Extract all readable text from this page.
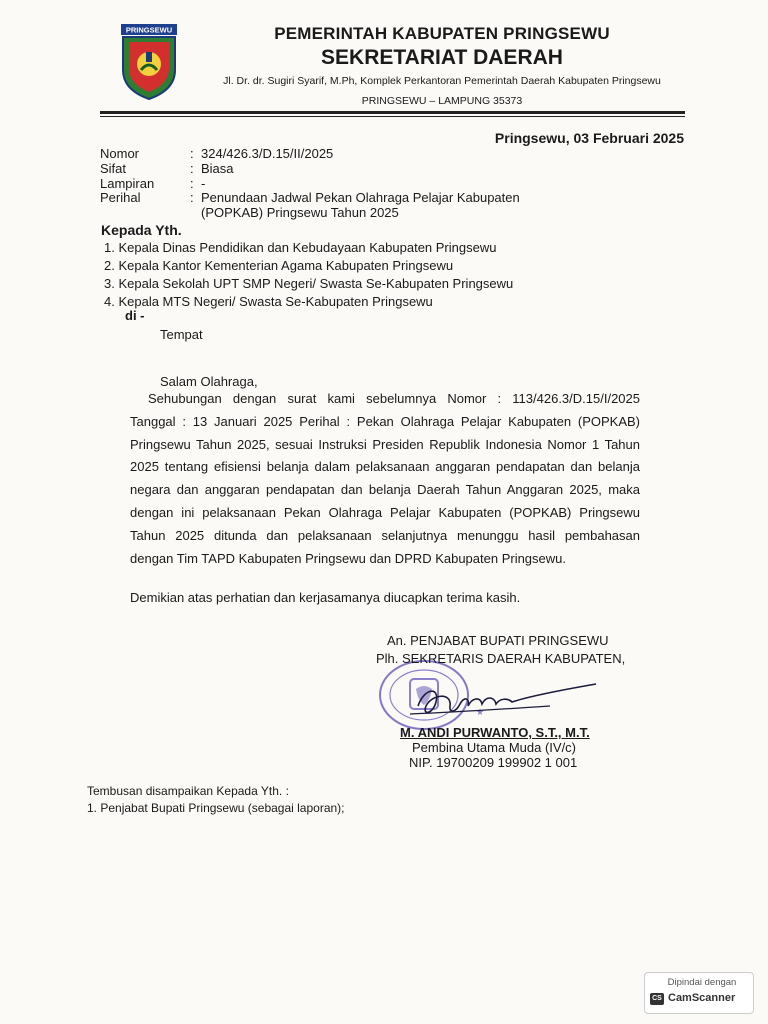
PRINGSEWU	PEMERINTAH KABUPATEN PRINGSEWU
SEKRETARIAT DAERAH
Jl. Dr. dr. Sugiri Syarif, M.Ph, Komplek Perkantoran Pemerintah Daerah Kabupaten Pringsewu
PRINGSEWU – LAMPUNG 35373
Pringsewu, 03 Februari 2025
Nomor	: 324/426.3/D.15/II/2025
Sifat	: Biasa
Lampiran	: -
Perihal	: Penundaan Jadwal Pekan Olahraga Pelajar Kabupaten
(POPKAB) Pringsewu Tahun 2025
Kepada Yth.
1. Kepala Dinas Pendidikan dan Kebudayaan Kabupaten Pringsewu
2. Kepala Kantor Kementerian Agama Kabupaten Pringsewu
3. Kepala Sekolah UPT SMP Negeri/ Swasta Se-Kabupaten Pringsewu
4. Kepala MTS Negeri/ Swasta Se-Kabupaten Pringsewu
di -
Tempat
Salam Olahraga,
Sehubungan dengan surat kami sebelumnya Nomor : 113/426.3/D.15/I/2025
Tanggal : 13 Januari 2025 Perihal : Pekan Olahraga Pelajar Kabupaten (POPKAB)
Pringsewu Tahun 2025, sesuai Instruksi Presiden Republik Indonesia Nomor 1 Tahun
2025 tentang efisiensi belanja dalam pelaksanaan anggaran pendapatan dan belanja
negara dan anggaran pendapatan dan belanja Daerah Tahun Anggaran 2025, maka
dengan ini pelaksanaan Pekan Olahraga Pelajar Kabupaten (POPKAB) Pringsewu
Tahun 2025 ditunda dan pelaksanaan selanjutnya menunggu hasil pembahasan
dengan Tim TAPD Kabupaten Pringsewu dan DPRD Kabupaten Pringsewu.
Demikian atas perhatian dan kerjasamanya diucapkan terima kasih.
★
An. PENJABAT BUPATI PRINGSEWU
Plh. SEKRETARIS DAERAH KABUPATEN,
M. ANDI PURWANTO, S.T., M.T.
Pembina Utama Muda (IV/c)
NIP. 19700209 199902 1 001
Tembusan disampaikan Kepada Yth. :
1. Penjabat Bupati Pringsewu (sebagai laporan);
Dipindai dengan
CS CamScanner
